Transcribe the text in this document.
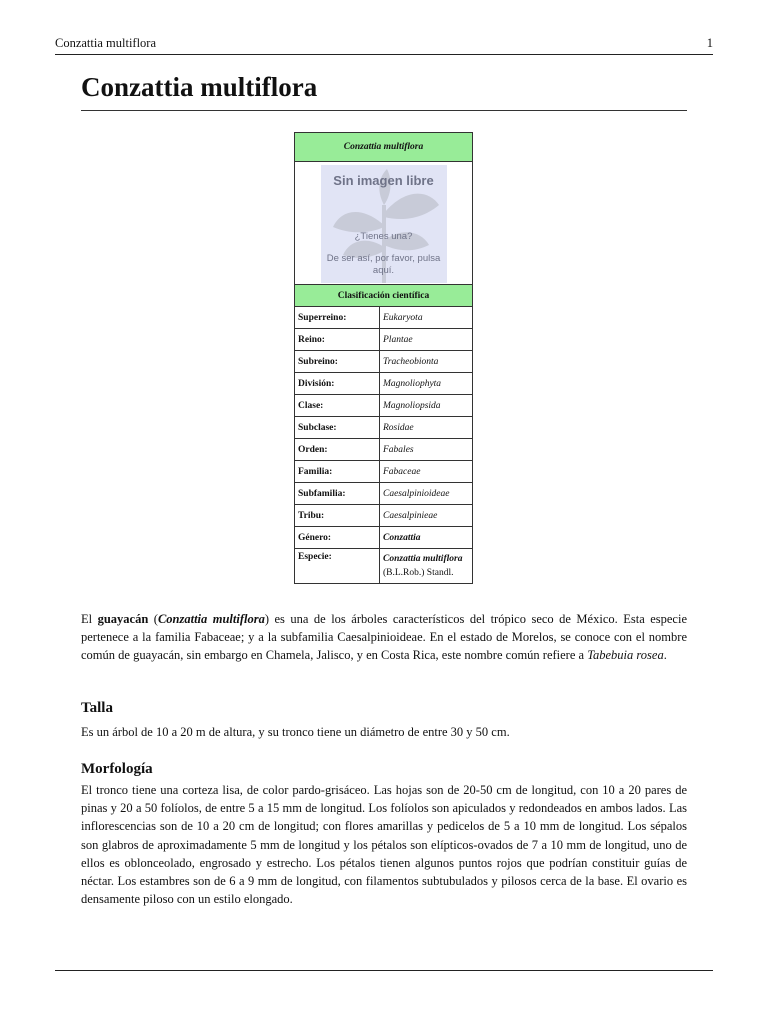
Conzattia multiflora	1
Conzattia multiflora
Conzattia multiflora	

Sin imagen libre
¿Tienes una?
De ser así, por favor, pulsa aquí.	

Clasificación científica	
Superreino:	Eukaryota
Reino:	Plantae
Subreino:	Tracheobionta
División:	Magnoliophyta
Clase:	Magnoliopsida
Subclase:	Rosidae
Orden:	Fabales
Familia:	Fabaceae
Subfamilia:	Caesalpinioideae
Tribu:	Caesalpinieae
Género:	Conzattia
Especie:	Conzattia multiflora
(B.L.Rob.) Standl.

El guayacán (Conzattia multiflora) es una de los árboles característicos del trópico seco de México. Esta especie pertenece a la familia Fabaceae; y a la subfamilia Caesalpinioideae. En el estado de Morelos, se conoce con el nombre común de guayacán, sin embargo en Chamela, Jalisco, y en Costa Rica, este nombre común refiere a Tabebuia rosea.

Talla

Es un árbol de 10 a 20 m de altura, y su tronco tiene un diámetro de entre 30 y 50 cm.

Morfología

El tronco tiene una corteza lisa, de color pardo-grisáceo. Las hojas son de 20-50 cm de longitud, con 10 a 20 pares de pinas y 20 a 50 folíolos, de entre 5 a 15 mm de longitud. Los folíolos son apiculados y redondeados en ambos lados. Las inflorescencias son de 10 a 20 cm de longitud; con flores amarillas y pedicelos de 5 a 10 mm de longitud. Los sépalos son glabros de aproximadamente 5 mm de longitud y los pétalos son elípticos-ovados de 7 a 10 mm de longitud, uno de ellos es oblonceolado, engrosado y estrecho. Los pétalos tienen algunos puntos rojos que podrían constituir guías de néctar. Los estambres son de 6 a 9 mm de longitud, con filamentos subtubulados y pilosos cerca de la base. El ovario es densamente piloso con un estilo elongado.
